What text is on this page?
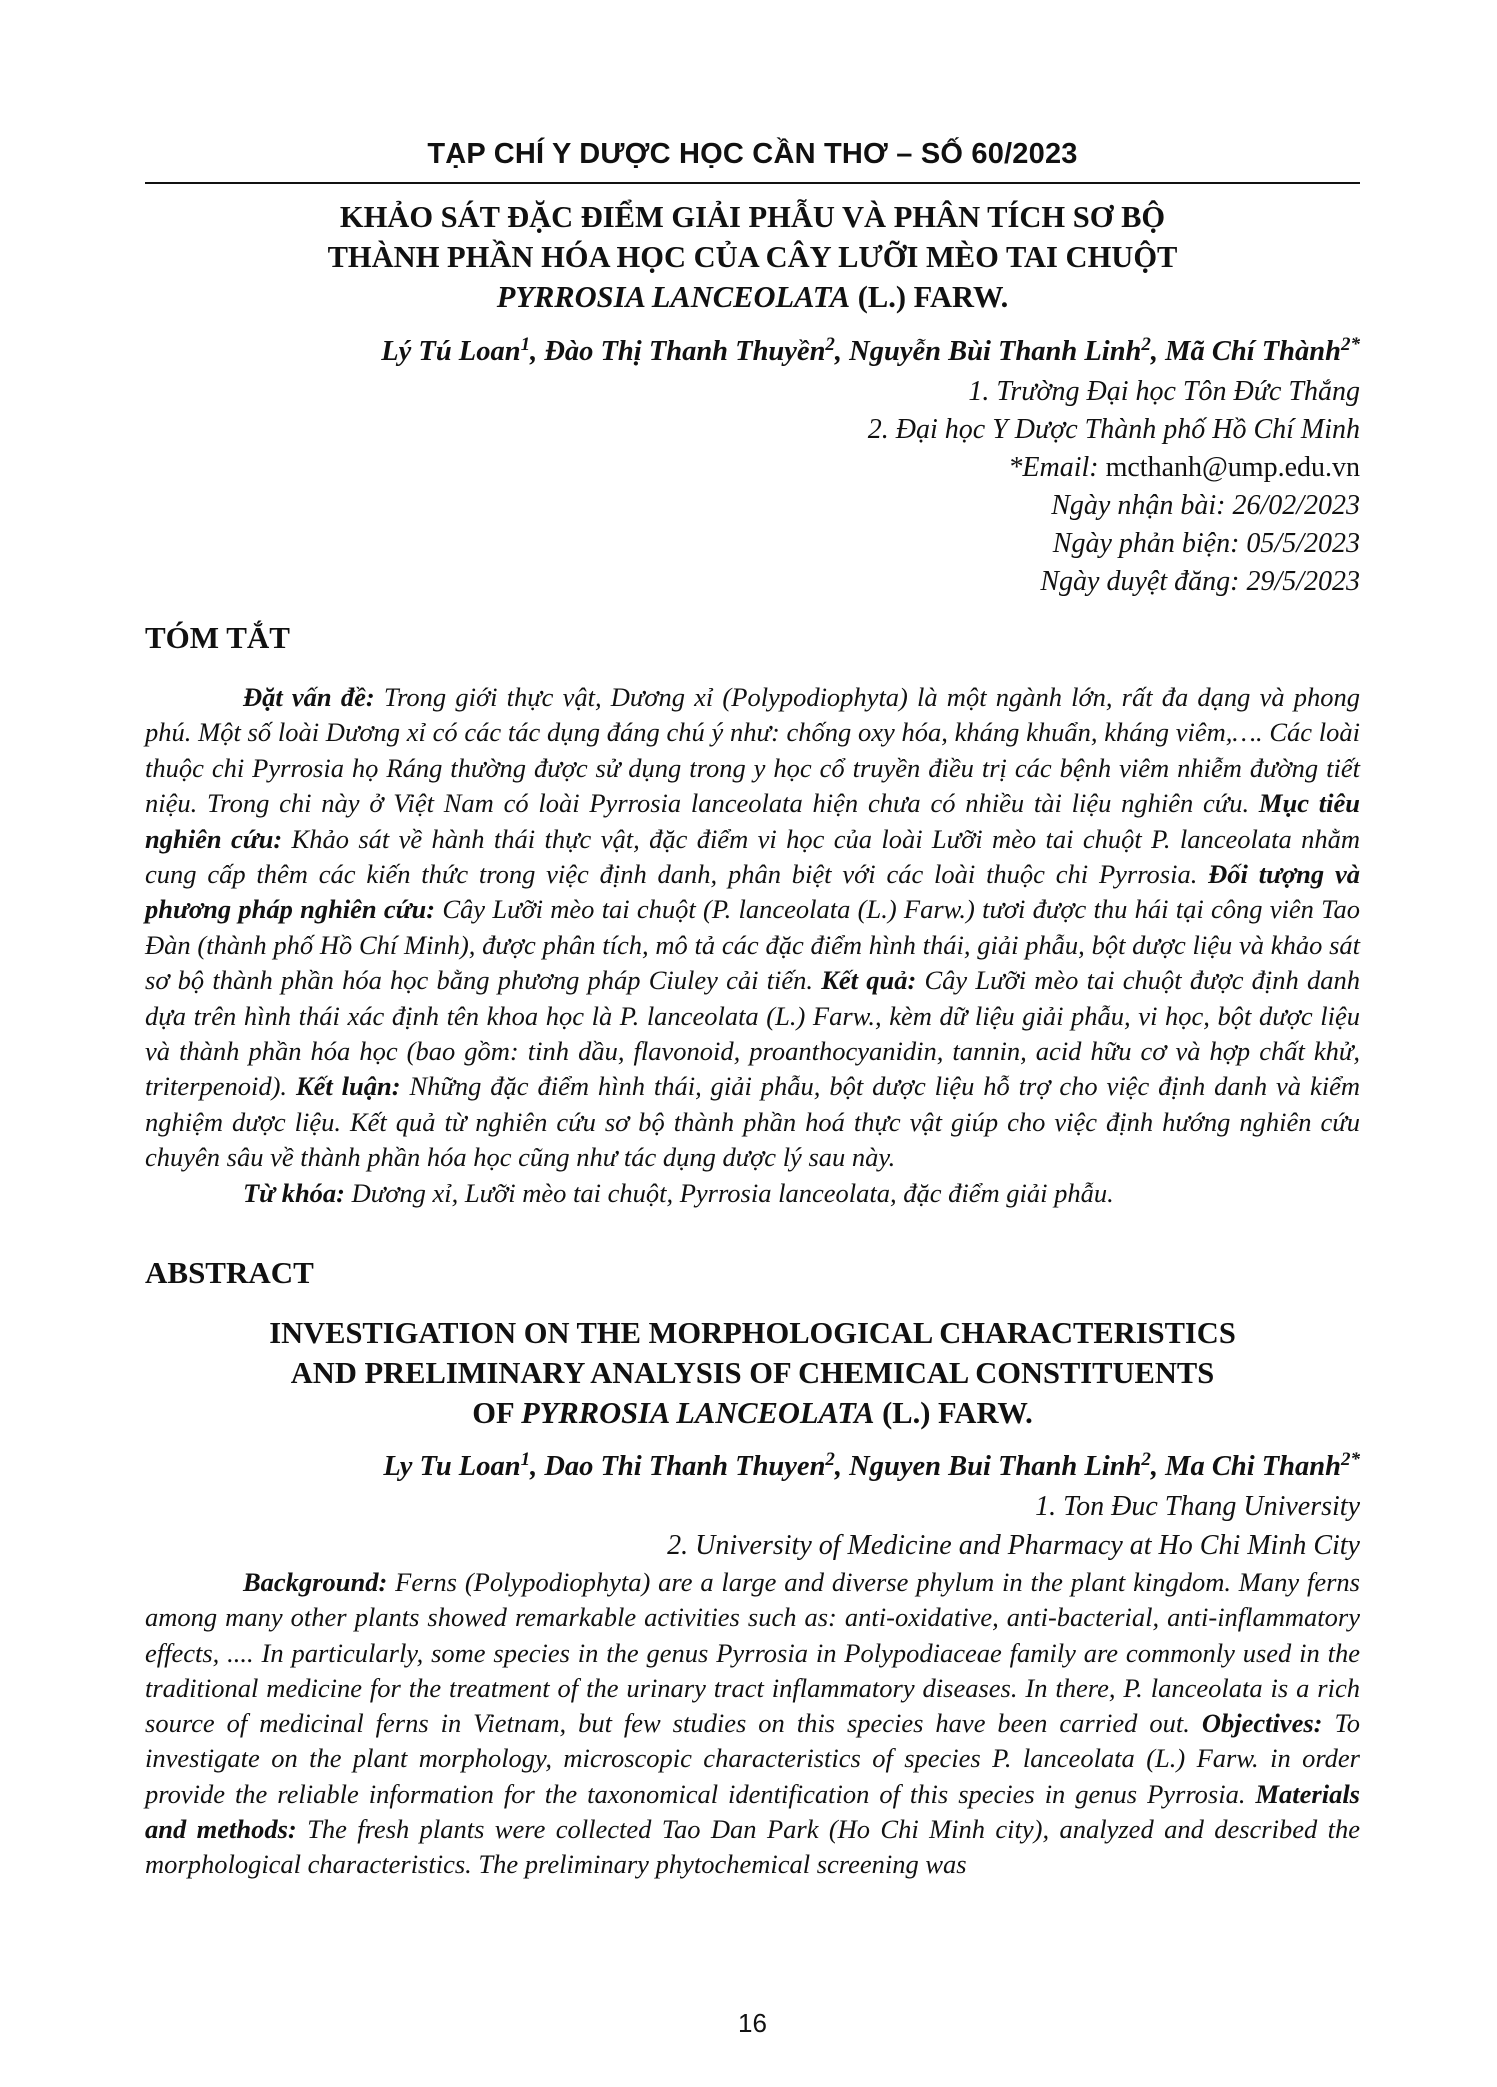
TẠP CHÍ Y DƯỢC HỌC CẦN THƠ – SỐ 60/2023
KHẢO SÁT ĐẶC ĐIỂM GIẢI PHẪU VÀ PHÂN TÍCH SƠ BỘ
THÀNH PHẦN HÓA HỌC CỦA CÂY LƯỠI MÈO TAI CHUỘT
PYRROSIA LANCEOLATA (L.) FARW.
Lý Tú Loan$^1$, Đào Thị Thanh Thuyền$^2$, Nguyễn Bùi Thanh Linh$^2$, Mã Chí Thành$^{2*}$
1. Trường Đại học Tôn Đức Thắng
2. Đại học Y Dược Thành phố Hồ Chí Minh
*Email: mcthanh@ump.edu.vn
Ngày nhận bài: 26/02/2023
Ngày phản biện: 05/5/2023
Ngày duyệt đăng: 29/5/2023
TÓM TẮT

Đặt vấn đề: Trong giới thực vật, Dương xỉ (Polypodiophyta) là một ngành lớn, rất đa dạng và phong phú. Một số loài Dương xỉ có các tác dụng đáng chú ý như: chống oxy hóa, kháng khuẩn, kháng viêm,…. Các loài thuộc chi Pyrrosia họ Ráng thường được sử dụng trong y học cổ truyền điều trị các bệnh viêm nhiễm đường tiết niệu. Trong chi này ở Việt Nam có loài Pyrrosia lanceolata hiện chưa có nhiều tài liệu nghiên cứu. Mục tiêu nghiên cứu: Khảo sát về hành thái thực vật, đặc điểm vi học của loài Lưỡi mèo tai chuột P. lanceolata nhằm cung cấp thêm các kiến thức trong việc định danh, phân biệt với các loài thuộc chi Pyrrosia. Đối tượng và phương pháp nghiên cứu: Cây Lưỡi mèo tai chuột (P. lanceolata (L.) Farw.) tươi được thu hái tại công viên Tao Đàn (thành phố Hồ Chí Minh), được phân tích, mô tả các đặc điểm hình thái, giải phẫu, bột dược liệu và khảo sát sơ bộ thành phần hóa học bằng phương pháp Ciuley cải tiến. Kết quả: Cây Lưỡi mèo tai chuột được định danh dựa trên hình thái xác định tên khoa học là P. lanceolata (L.) Farw., kèm dữ liệu giải phẫu, vi học, bột dược liệu và thành phần hóa học (bao gồm: tinh dầu, flavonoid, proanthocyanidin, tannin, acid hữu cơ và hợp chất khử, triterpenoid). Kết luận: Những đặc điểm hình thái, giải phẫu, bột dược liệu hỗ trợ cho việc định danh và kiểm nghiệm dược liệu. Kết quả từ nghiên cứu sơ bộ thành phần hoá thực vật giúp cho việc định hướng nghiên cứu chuyên sâu về thành phần hóa học cũng như tác dụng dược lý sau này.

Từ khóa: Dương xỉ, Lưỡi mèo tai chuột, Pyrrosia lanceolata, đặc điểm giải phẫu.

ABSTRACT
INVESTIGATION ON THE MORPHOLOGICAL CHARACTERISTICS
AND PRELIMINARY ANALYSIS OF CHEMICAL CONSTITUENTS
OF PYRROSIA LANCEOLATA (L.) FARW.
Ly Tu Loan$^1$, Dao Thi Thanh Thuyen$^2$, Nguyen Bui Thanh Linh$^2$, Ma Chi Thanh$^{2*}$
1. Ton Đuc Thang University
2. University of Medicine and Pharmacy at Ho Chi Minh City

Background: Ferns (Polypodiophyta) are a large and diverse phylum in the plant kingdom. Many ferns among many other plants showed remarkable activities such as: anti-oxidative, anti-bacterial, anti-inflammatory effects, .... In particularly, some species in the genus Pyrrosia in Polypodiaceae family are commonly used in the traditional medicine for the treatment of the urinary tract inflammatory diseases. In there, P. lanceolata is a rich source of medicinal ferns in Vietnam, but few studies on this species have been carried out. Objectives: To investigate on the plant morphology, microscopic characteristics of species P. lanceolata (L.) Farw. in order provide the reliable information for the taxonomical identification of this species in genus Pyrrosia. Materials and methods: The fresh plants were collected Tao Dan Park (Ho Chi Minh city), analyzed and described the morphological characteristics. The preliminary phytochemical screening was

16
